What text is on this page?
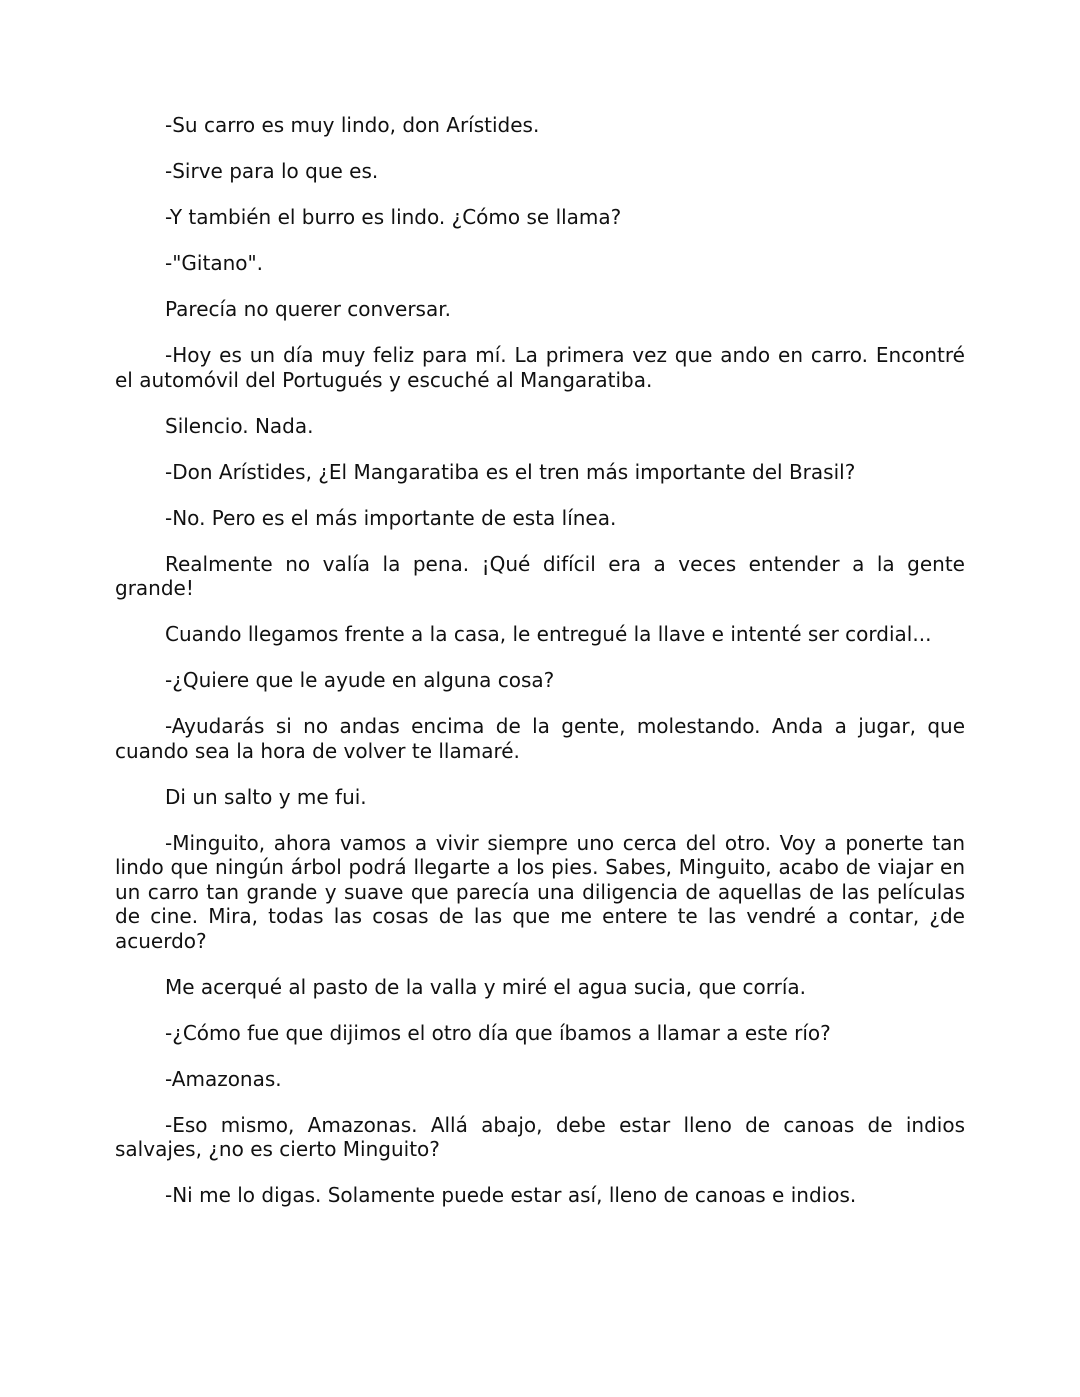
-Su carro es muy lindo, don Arístides.

-Sirve para lo que es.

-Y también el burro es lindo. ¿Cómo se llama?

-"Gitano".

Parecía no querer conversar.

-Hoy es un día muy feliz para mí. La primera vez que ando en carro. Encontré el automóvil del Portugués y escuché al Mangaratiba.

Silencio. Nada.

-Don Arístides, ¿El Mangaratiba es el tren más importante del Brasil?

-No. Pero es el más importante de esta línea.

Realmente no valía la pena. ¡Qué difícil era a veces entender a la gente grande!

Cuando llegamos frente a la casa, le entregué la llave e intenté ser cordial...

-¿Quiere que le ayude en alguna cosa?

-Ayudarás si no andas encima de la gente, molestando. Anda a jugar, que cuando sea la hora de volver te llamaré.

Di un salto y me fui.

-Minguito, ahora vamos a vivir siempre uno cerca del otro. Voy a ponerte tan lindo que ningún árbol podrá llegarte a los pies. Sabes, Minguito, acabo de viajar en un carro tan grande y suave que parecía una diligencia de aquellas de las películas de cine. Mira, todas las cosas de las que me entere te las vendré a contar, ¿de acuerdo?

Me acerqué al pasto de la valla y miré el agua sucia, que corría.

-¿Cómo fue que dijimos el otro día que íbamos a llamar a este río?

-Amazonas.

-Eso mismo, Amazonas. Allá abajo, debe estar lleno de canoas de indios salvajes, ¿no es cierto Minguito?

-Ni me lo digas. Solamente puede estar así, lleno de canoas e indios.
